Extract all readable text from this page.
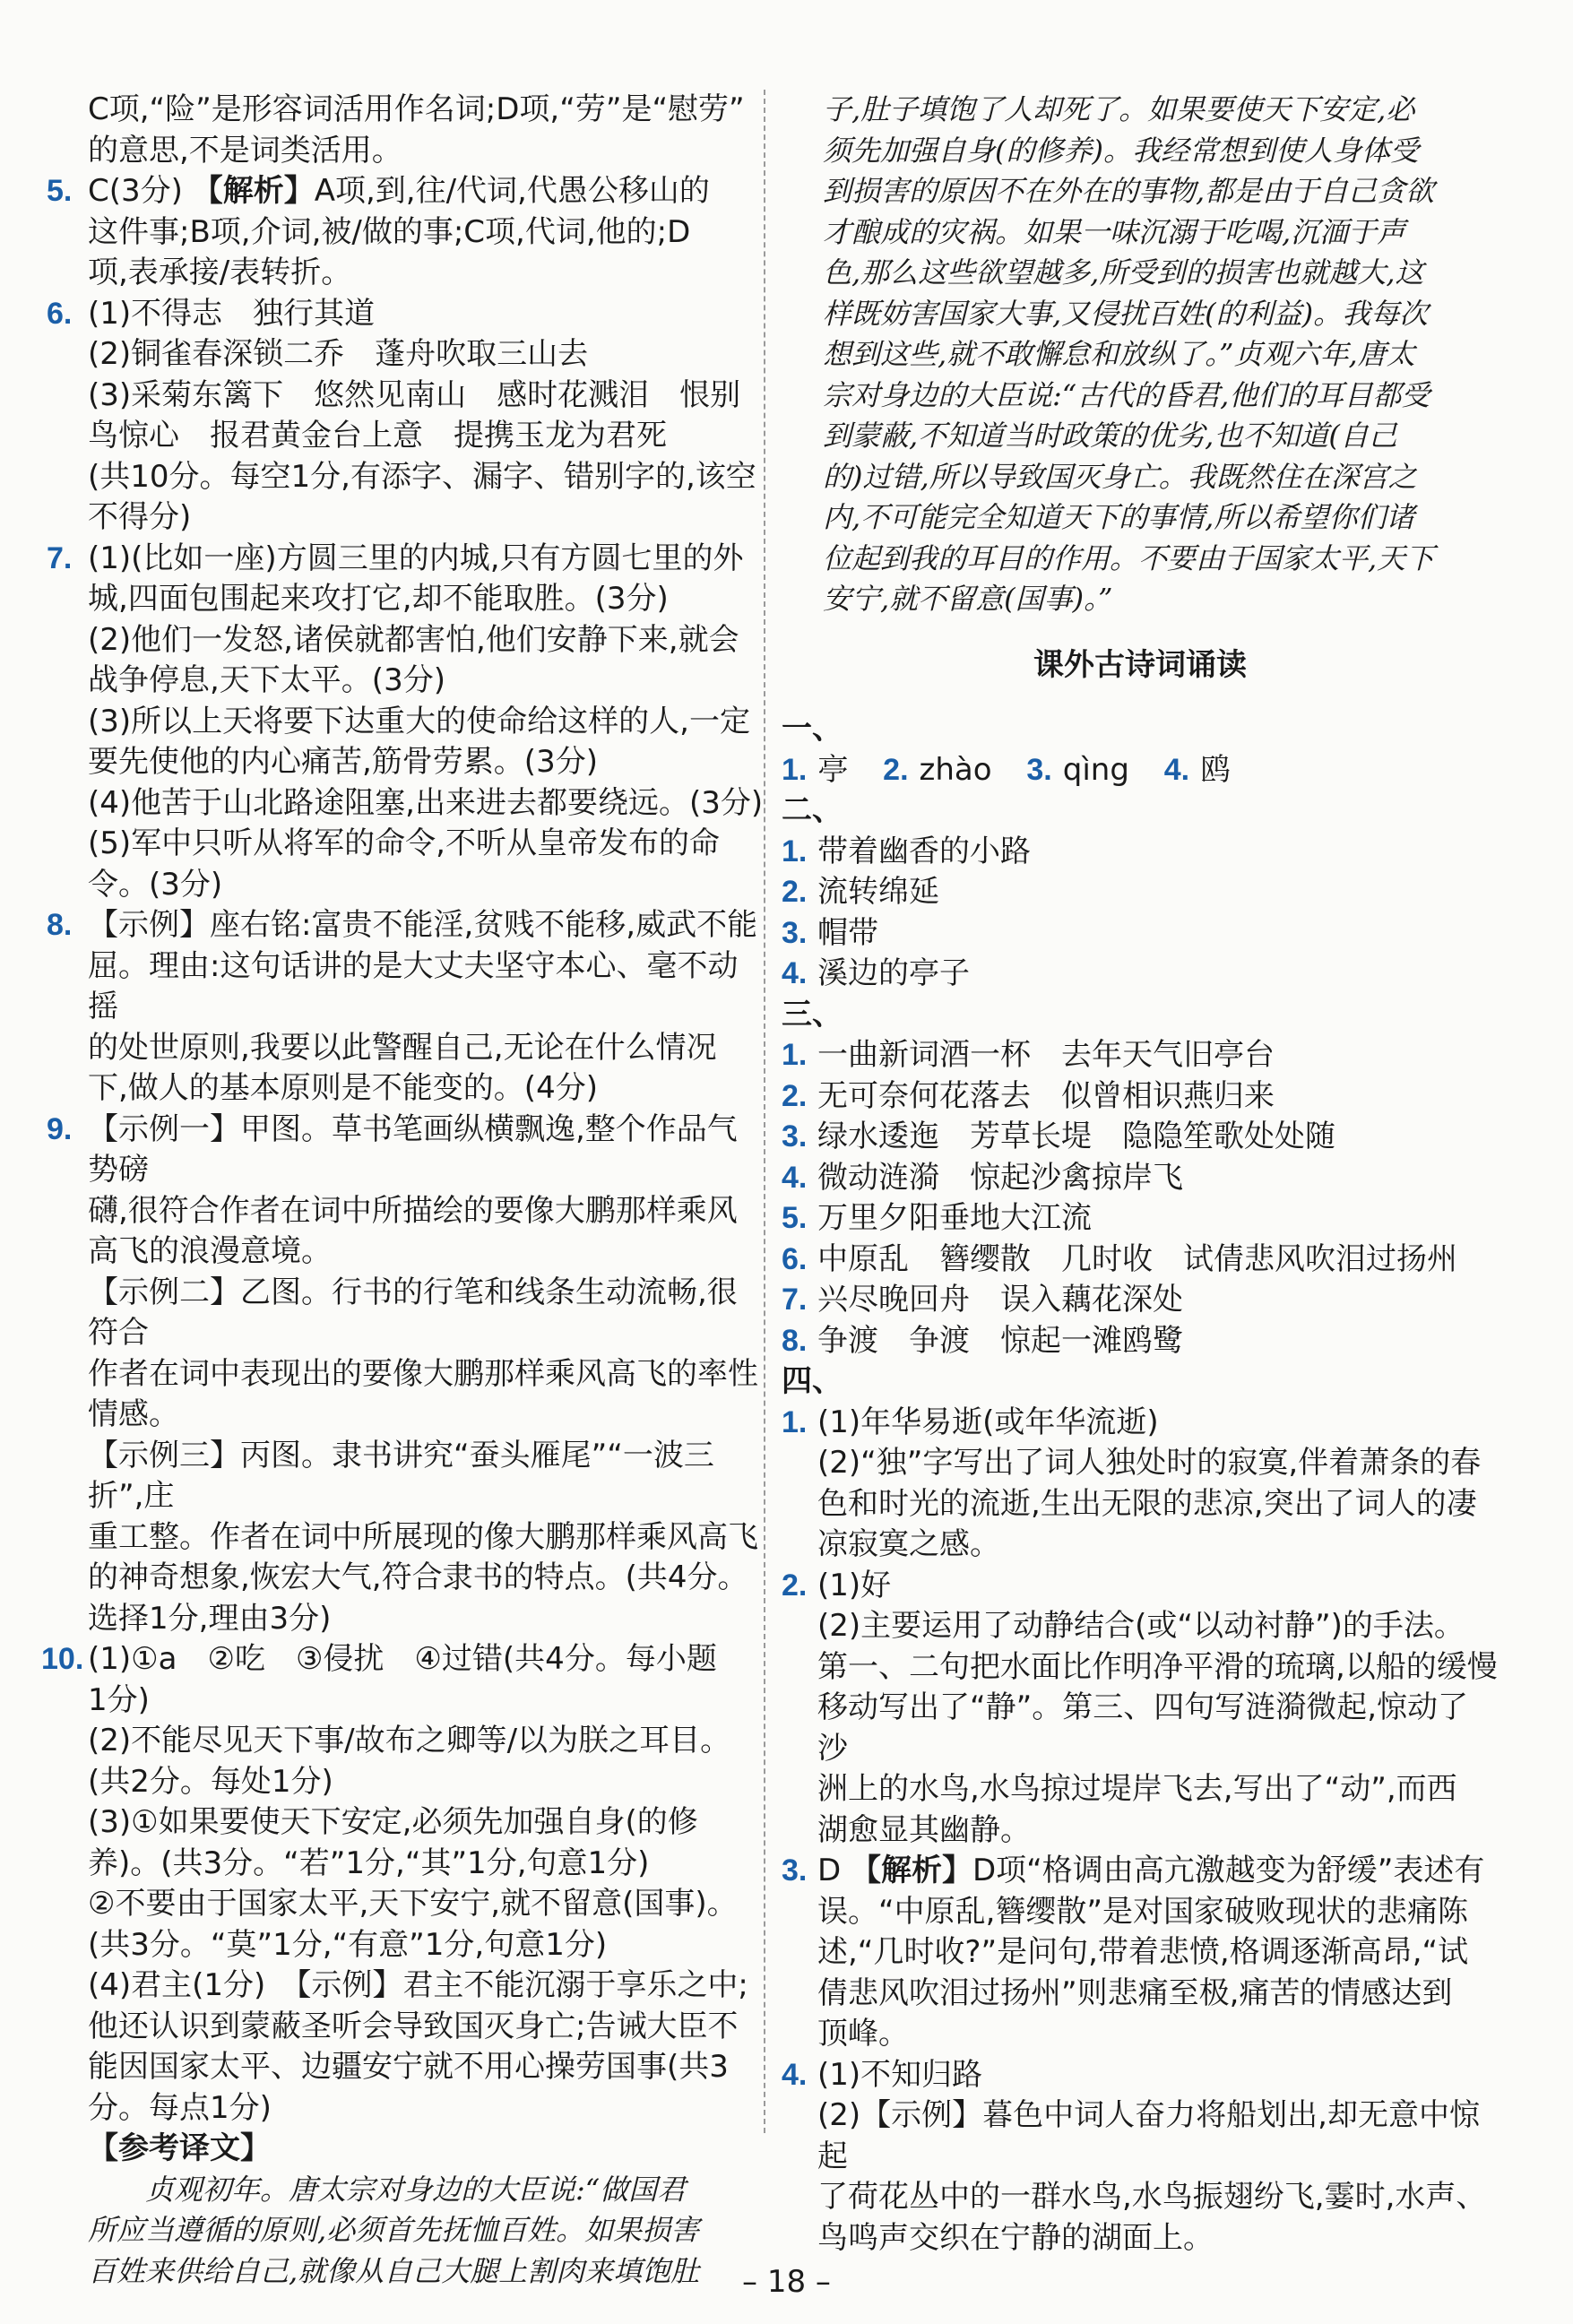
C项,“险”是形容词活用作名词;D项,“劳”是“慰劳”

的意思,不是词类活用。

5. C(3分) 【解析】A项,到,往/代词,代愚公移山的

这件事;B项,介词,被/做的事;C项,代词,他的;D

项,表承接/表转折。

6. (1)不得志　独行其道

(2)铜雀春深锁二乔　蓬舟吹取三山去

(3)采菊东篱下　悠然见南山　感时花溅泪　恨别

鸟惊心　报君黄金台上意　提携玉龙为君死

(共10分。每空1分,有添字、漏字、错别字的,该空

不得分)

7. (1)(比如一座)方圆三里的内城,只有方圆七里的外

城,四面包围起来攻打它,却不能取胜。(3分)

(2)他们一发怒,诸侯就都害怕,他们安静下来,就会

战争停息,天下太平。(3分)

(3)所以上天将要下达重大的使命给这样的人,一定

要先使他的内心痛苦,筋骨劳累。(3分)

(4)他苦于山北路途阻塞,出来进去都要绕远。(3分)

(5)军中只听从将军的命令,不听从皇帝发布的命

令。(3分)

8. 【示例】座右铭:富贵不能淫,贫贱不能移,威武不能

屈。理由:这句话讲的是大丈夫坚守本心、毫不动摇

的处世原则,我要以此警醒自己,无论在什么情况

下,做人的基本原则是不能变的。(4分)

9. 【示例一】甲图。草书笔画纵横飘逸,整个作品气势磅

礴,很符合作者在词中所描绘的要像大鹏那样乘风

高飞的浪漫意境。

【示例二】乙图。行书的行笔和线条生动流畅,很符合

作者在词中表现出的要像大鹏那样乘风高飞的率性

情感。

【示例三】丙图。隶书讲究“蚕头雁尾”“一波三折”,庄

重工整。作者在词中所展现的像大鹏那样乘风高飞

的神奇想象,恢宏大气,符合隶书的特点。(共4分。

选择1分,理由3分)

10. (1)①a　②吃　③侵扰　④过错(共4分。每小题

1分)

(2)不能尽见天下事/故布之卿等/以为朕之耳目。

(共2分。每处1分)

(3)①如果要使天下安定,必须先加强自身(的修

养)。(共3分。“若”1分,“其”1分,句意1分)

②不要由于国家太平,天下安宁,就不留意(国事)。

(共3分。“莫”1分,“有意”1分,句意1分)

(4)君主(1分)　【示例】君主不能沉溺于享乐之中;

他还认识到蒙蔽圣听会导致国灭身亡;告诫大臣不

能因国家太平、边疆安宁就不用心操劳国事(共3

分。每点1分)

【参考译文】

贞观初年。唐太宗对身边的大臣说:“做国君

所应当遵循的原则,必须首先抚恤百姓。如果损害

百姓来供给自己,就像从自己大腿上割肉来填饱肚

子,肚子填饱了人却死了。如果要使天下安定,必

须先加强自身(的修养)。我经常想到使人身体受

到损害的原因不在外在的事物,都是由于自己贪欲

才酿成的灾祸。如果一味沉溺于吃喝,沉湎于声

色,那么这些欲望越多,所受到的损害也就越大,这

样既妨害国家大事,又侵扰百姓(的利益)。我每次

想到这些,就不敢懈怠和放纵了。”贞观六年,唐太

宗对身边的大臣说:“古代的昏君,他们的耳目都受

到蒙蔽,不知道当时政策的优劣,也不知道(自己

的)过错,所以导致国灭身亡。我既然住在深宫之

内,不可能完全知道天下的事情,所以希望你们诸

位起到我的耳目的作用。不要由于国家太平,天下

安宁,就不留意(国事)。”

课外古诗词诵读

一、

1. 亭 2. zhào 3. qìng 4. 鸥

二、

1. 带着幽香的小路
2. 流转绵延
3. 帽带
4. 溪边的亭子

三、

1. 一曲新词酒一杯　去年天气旧亭台
2. 无可奈何花落去　似曾相识燕归来
3. 绿水逶迤　芳草长堤　隐隐笙歌处处随
4. 微动涟漪　惊起沙禽掠岸飞
5. 万里夕阳垂地大江流
6. 中原乱　簪缨散　几时收　试倩悲风吹泪过扬州
7. 兴尽晚回舟　误入藕花深处
8. 争渡　争渡　惊起一滩鸥鹭

四、

1. (1)年华易逝(或年华流逝)

(2)“独”字写出了词人独处时的寂寞,伴着萧条的春

色和时光的流逝,生出无限的悲凉,突出了词人的凄

凉寂寞之感。

2. (1)好

(2)主要运用了动静结合(或“以动衬静”)的手法。

第一、二句把水面比作明净平滑的琉璃,以船的缓慢

移动写出了“静”。第三、四句写涟漪微起,惊动了沙

洲上的水鸟,水鸟掠过堤岸飞去,写出了“动”,而西

湖愈显其幽静。

3. D 【解析】D项“格调由高亢激越变为舒缓”表述有

误。“中原乱,簪缨散”是对国家破败现状的悲痛陈

述,“几时收?”是问句,带着悲愤,格调逐渐高昂,“试

倩悲风吹泪过扬州”则悲痛至极,痛苦的情感达到

顶峰。

4. (1)不知归路

(2)【示例】暮色中词人奋力将船划出,却无意中惊起

了荷花丛中的一群水鸟,水鸟振翅纷飞,霎时,水声、

鸟鸣声交织在宁静的湖面上。

– 18 –
